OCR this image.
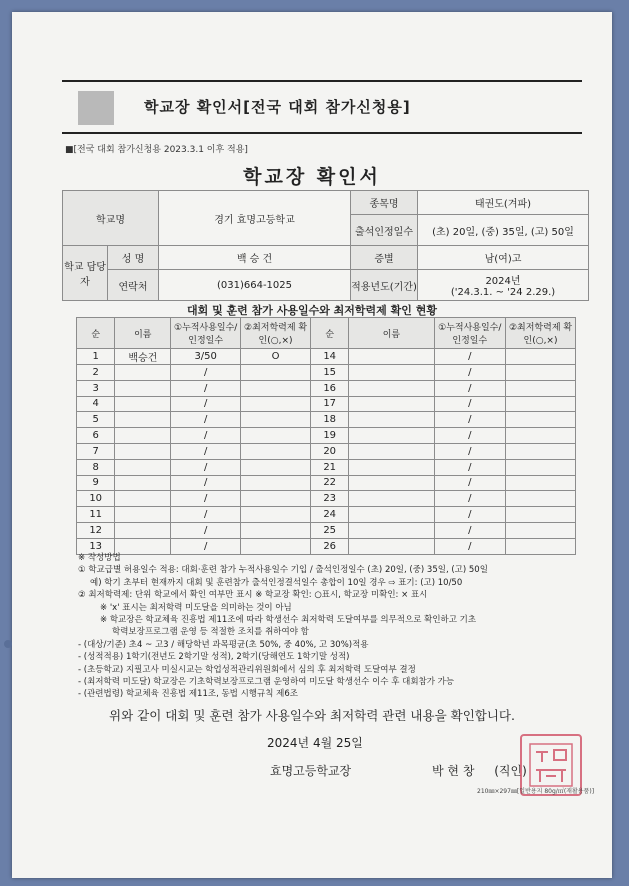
학교장 확인서[전국 대회 참가신청용]
■[전국 대회 참가신청용 2023.3.1 이후 적용]
학교장 확인서
학교명		경기 효명고등학교	종목명	태권도(겨파)
			출석인정일수	(초) 20일, (중) 35일, (고) 50일
학교 담당자	성 명	백 승 건	증별	남(여)고
	연락처	(031)664-1025	적용년도(기간)	2024년
('24.3.1. ~ '24 2.29.)
대회 및 훈련 참가 사용일수와 최저학력제 확인 현황
순	이름	①누적사용일수/인정일수	②최저학력제 확인(○,×)	순	이름	①누적사용일수/인정일수	②최저학력제 확인(○,×)
1	백승건	3/50	O	14		/	
2		/		15		/	
3		/		16		/	
4		/		17		/	
5		/		18		/	
6		/		19		/	
7		/		20		/	
8		/		21		/	
9		/		22		/	
10		/		23		/	
11		/		24		/	
12		/		25		/	
13		/		26		/	
※ 작성방법
① 학교급별 허용일수 적용: 대회·훈련 참가 누적사용일수 기입 / 출석인정일수 (초) 20일, (중) 35일, (고) 50일
예) 학기 초부터 현재까지 대회 및 훈련참가 출석인정결석일수 총합이 10일 경우 ⇨ 표기: (고) 10/50
② 최저학력제: 단위 학교에서 확인 여부만 표시 ※ 학교장 확인: ○표시, 학교장 미확인: × 표시
※ 'x' 표시는 최저학력 미도달을 의미하는 것이 아님
※ 학교장은 학교체육 진흥법 제11조에 따라 학생선수 최저학력 도달여부를 의무적으로 확인하고 기초
학력보장프로그램 운영 등 적절한 조치를 취하여야 함
- (대상/기준) 초4 ~ 고3 / 해당학년 과목평균(초 50%, 중 40%, 고 30%)적용
- (성적적용) 1학기(전년도 2학기말 성적), 2학기(당해연도 1학기말 성적)
- (초등학교) 지필고사 미실시교는 학업성적관리위원회에서 심의 후 최저학력 도달여부 결정
- (최저학력 미도달) 학교장은 기초학력보장프로그램 운영하여 미도달 학생선수 이수 후 대회참가 가능
- (관련법령) 학교체육 진흥법 제11조, 동법 시행규칙 제6조
위와 같이 대회 및 훈련 참가 사용일수와 최저학력 관련 내용을 확인합니다.
2024년 4월 25일
효명고등학교장	박 현 창 (직인)
210㎜×297㎜[일반용지 80g/㎡(재활용품)]
